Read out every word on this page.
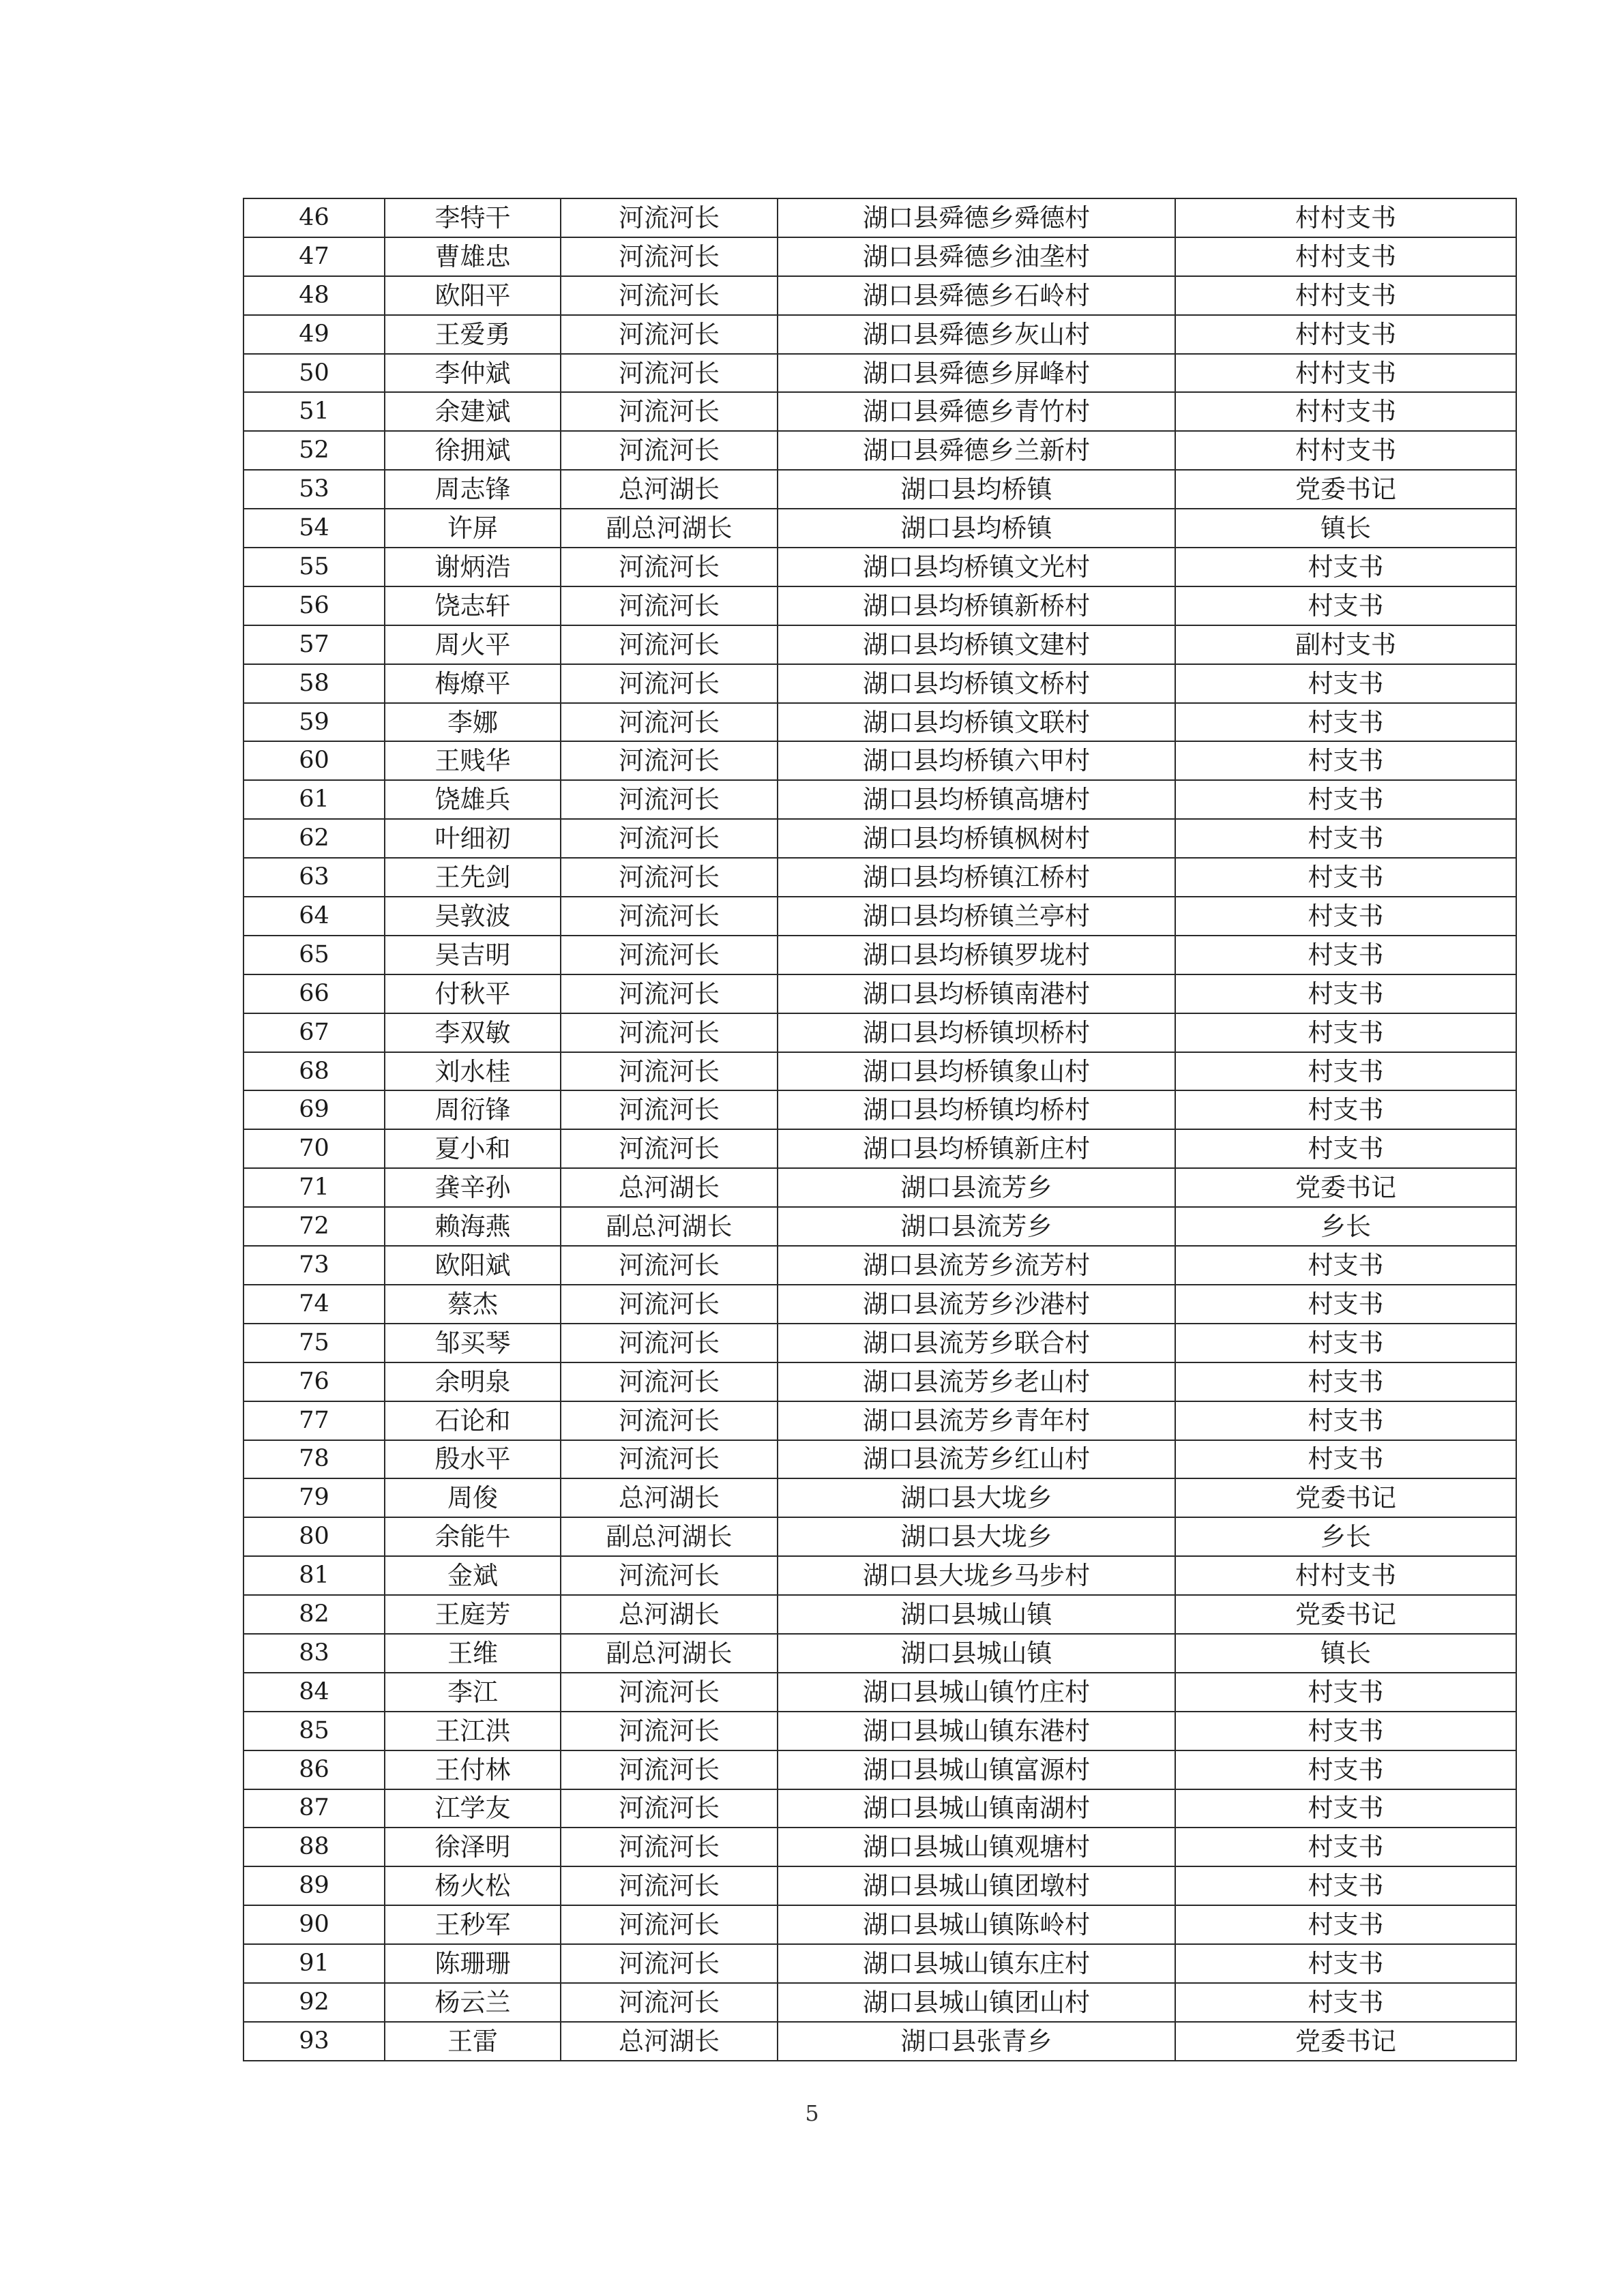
46	李特干	河流河长	湖口县舜德乡舜德村	村村支书
47	曹雄忠	河流河长	湖口县舜德乡油垄村	村村支书
48	欧阳平	河流河长	湖口县舜德乡石岭村	村村支书
49	王爱勇	河流河长	湖口县舜德乡灰山村	村村支书
50	李仲斌	河流河长	湖口县舜德乡屏峰村	村村支书
51	余建斌	河流河长	湖口县舜德乡青竹村	村村支书
52	徐拥斌	河流河长	湖口县舜德乡兰新村	村村支书
53	周志锋	总河湖长	湖口县均桥镇	党委书记
54	许屏	副总河湖长	湖口县均桥镇	镇长
55	谢炳浩	河流河长	湖口县均桥镇文光村	村支书
56	饶志轩	河流河长	湖口县均桥镇新桥村	村支书
57	周火平	河流河长	湖口县均桥镇文建村	副村支书
58	梅燎平	河流河长	湖口县均桥镇文桥村	村支书
59	李娜	河流河长	湖口县均桥镇文联村	村支书
60	王贱华	河流河长	湖口县均桥镇六甲村	村支书
61	饶雄兵	河流河长	湖口县均桥镇高塘村	村支书
62	叶细初	河流河长	湖口县均桥镇枫树村	村支书
63	王先剑	河流河长	湖口县均桥镇江桥村	村支书
64	吴敦波	河流河长	湖口县均桥镇兰亭村	村支书
65	吴吉明	河流河长	湖口县均桥镇罗垅村	村支书
66	付秋平	河流河长	湖口县均桥镇南港村	村支书
67	李双敏	河流河长	湖口县均桥镇坝桥村	村支书
68	刘水桂	河流河长	湖口县均桥镇象山村	村支书
69	周衍锋	河流河长	湖口县均桥镇均桥村	村支书
70	夏小和	河流河长	湖口县均桥镇新庄村	村支书
71	龚辛孙	总河湖长	湖口县流芳乡	党委书记
72	赖海燕	副总河湖长	湖口县流芳乡	乡长
73	欧阳斌	河流河长	湖口县流芳乡流芳村	村支书
74	蔡杰	河流河长	湖口县流芳乡沙港村	村支书
75	邹买琴	河流河长	湖口县流芳乡联合村	村支书
76	余明泉	河流河长	湖口县流芳乡老山村	村支书
77	石论和	河流河长	湖口县流芳乡青年村	村支书
78	殷水平	河流河长	湖口县流芳乡红山村	村支书
79	周俊	总河湖长	湖口县大垅乡	党委书记
80	余能牛	副总河湖长	湖口县大垅乡	乡长
81	金斌	河流河长	湖口县大垅乡马步村	村村支书
82	王庭芳	总河湖长	湖口县城山镇	党委书记
83	王维	副总河湖长	湖口县城山镇	镇长
84	李江	河流河长	湖口县城山镇竹庄村	村支书
85	王江洪	河流河长	湖口县城山镇东港村	村支书
86	王付林	河流河长	湖口县城山镇富源村	村支书
87	江学友	河流河长	湖口县城山镇南湖村	村支书
88	徐泽明	河流河长	湖口县城山镇观塘村	村支书
89	杨火松	河流河长	湖口县城山镇团墩村	村支书
90	王秒军	河流河长	湖口县城山镇陈岭村	村支书
91	陈珊珊	河流河长	湖口县城山镇东庄村	村支书
92	杨云兰	河流河长	湖口县城山镇团山村	村支书
93	王雷	总河湖长	湖口县张青乡	党委书记
5
